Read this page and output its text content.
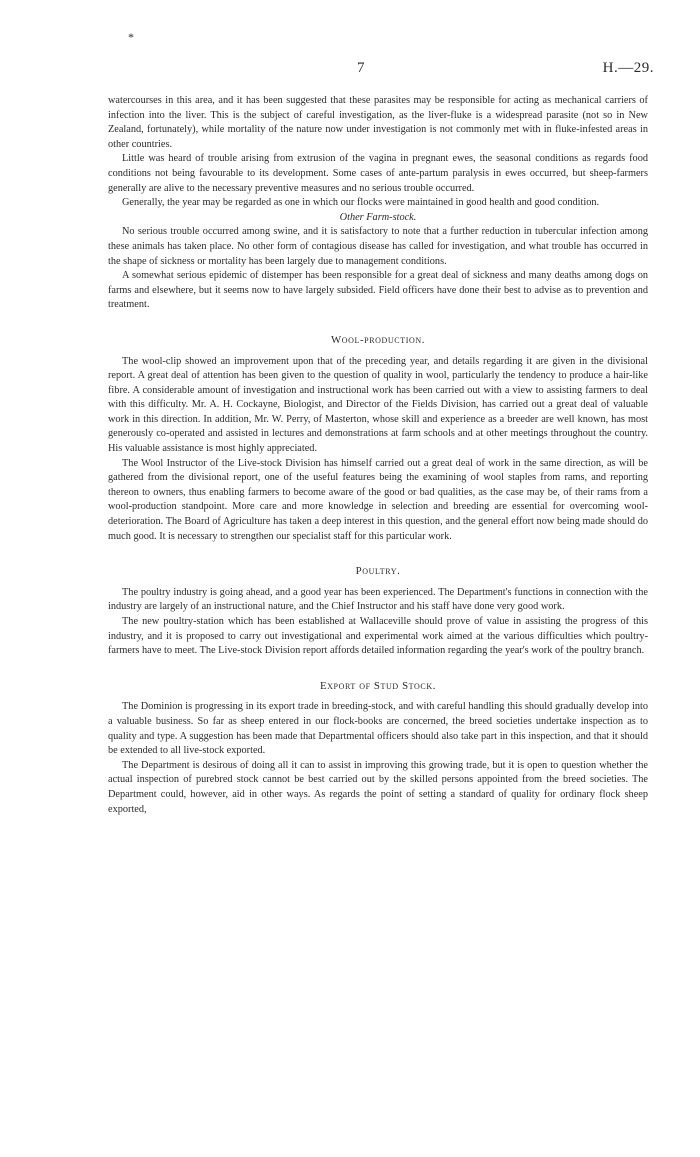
*
7	H.—29.

watercourses in this area, and it has been suggested that these parasites may be responsible for acting as mechanical carriers of infection into the liver. This is the subject of careful investigation, as the liver-fluke is a widespread parasite (not so in New Zealand, fortunately), while mortality of the nature now under investigation is not commonly met with in fluke-infested areas in other countries.

Little was heard of trouble arising from extrusion of the vagina in pregnant ewes, the seasonal conditions as regards food conditions not being favourable to its development. Some cases of ante-partum paralysis in ewes occurred, but sheep-farmers generally are alive to the necessary preventive measures and no serious trouble occurred.

Generally, the year may be regarded as one in which our flocks were maintained in good health and good condition.

Other Farm-stock.

No serious trouble occurred among swine, and it is satisfactory to note that a further reduction in tubercular infection among these animals has taken place. No other form of contagious disease has called for investigation, and what trouble has occurred in the shape of sickness or mortality has been largely due to management conditions.

A somewhat serious epidemic of distemper has been responsible for a great deal of sickness and many deaths among dogs on farms and elsewhere, but it seems now to have largely subsided. Field officers have done their best to advise as to prevention and treatment.

Wool-production.

The wool-clip showed an improvement upon that of the preceding year, and details regarding it are given in the divisional report. A great deal of attention has been given to the question of quality in wool, particularly the tendency to produce a hair-like fibre. A considerable amount of investigation and instructional work has been carried out with a view to assisting farmers to deal with this difficulty. Mr. A. H. Cockayne, Biologist, and Director of the Fields Division, has carried out a great deal of valuable work in this direction. In addition, Mr. W. Perry, of Masterton, whose skill and experience as a breeder are well known, has most generously co-operated and assisted in lectures and demonstrations at farm schools and at other meetings throughout the country. His valuable assistance is most highly appreciated.

The Wool Instructor of the Live-stock Division has himself carried out a great deal of work in the same direction, as will be gathered from the divisional report, one of the useful features being the examining of wool staples from rams, and reporting thereon to owners, thus enabling farmers to become aware of the good or bad qualities, as the case may be, of their rams from a wool-production standpoint. More care and more knowledge in selection and breeding are essential for overcoming wool-deterioration. The Board of Agriculture has taken a deep interest in this question, and the general effort now being made should do much good. It is necessary to strengthen our specialist staff for this particular work.

Poultry.

The poultry industry is going ahead, and a good year has been experienced. The Department's functions in connection with the industry are largely of an instructional nature, and the Chief Instructor and his staff have done very good work.

The new poultry-station which has been established at Wallaceville should prove of value in assisting the progress of this industry, and it is proposed to carry out investigational and experimental work aimed at the various difficulties which poultry-farmers have to meet. The Live-stock Division report affords detailed information regarding the year's work of the poultry branch.

Export of Stud Stock.

The Dominion is progressing in its export trade in breeding-stock, and with careful handling this should gradually develop into a valuable business. So far as sheep entered in our flock-books are concerned, the breed societies undertake inspection as to quality and type. A suggestion has been made that Departmental officers should also take part in this inspection, and that it should be extended to all live-stock exported.

The Department is desirous of doing all it can to assist in improving this growing trade, but it is open to question whether the actual inspection of purebred stock cannot be best carried out by the skilled persons appointed from the breed societies. The Department could, however, aid in other ways. As regards the point of setting a standard of quality for ordinary flock sheep exported,
